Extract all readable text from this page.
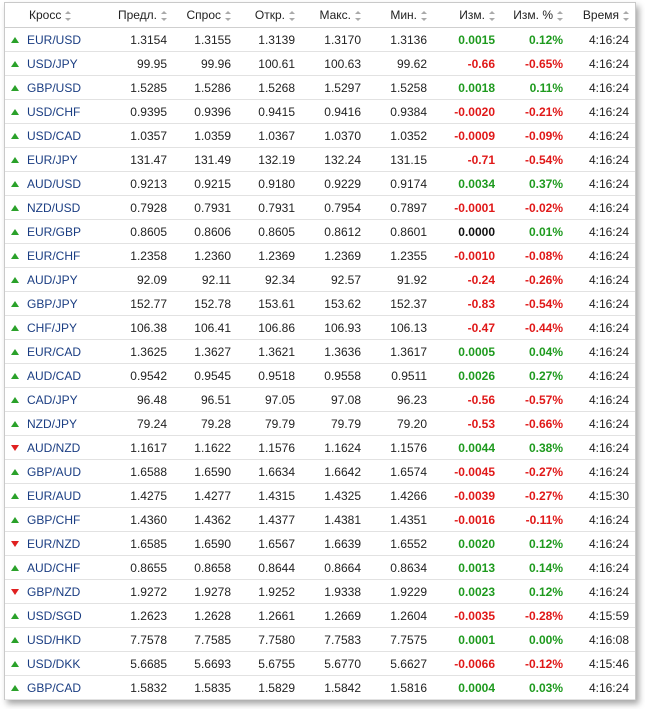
Кросс	Предл.	Спрос	Откр.	Макс.	Мин.	Изм.	Изм. %	Время
EUR/USD	1.3154	1.3155	1.3139	1.3170	1.3136	0.0015	0.12%	4:16:24
USD/JPY	99.95	99.96	100.61	100.63	99.62	-0.66	-0.65%	4:16:24
GBP/USD	1.5285	1.5286	1.5268	1.5297	1.5258	0.0018	0.11%	4:16:24
USD/CHF	0.9395	0.9396	0.9415	0.9416	0.9384	-0.0020	-0.21%	4:16:24
USD/CAD	1.0357	1.0359	1.0367	1.0370	1.0352	-0.0009	-0.09%	4:16:24
EUR/JPY	131.47	131.49	132.19	132.24	131.15	-0.71	-0.54%	4:16:24
AUD/USD	0.9213	0.9215	0.9180	0.9229	0.9174	0.0034	0.37%	4:16:24
NZD/USD	0.7928	0.7931	0.7931	0.7954	0.7897	-0.0001	-0.02%	4:16:24
EUR/GBP	0.8605	0.8606	0.8605	0.8612	0.8601	0.0000	0.01%	4:16:24
EUR/CHF	1.2358	1.2360	1.2369	1.2369	1.2355	-0.0010	-0.08%	4:16:24
AUD/JPY	92.09	92.11	92.34	92.57	91.92	-0.24	-0.26%	4:16:24
GBP/JPY	152.77	152.78	153.61	153.62	152.37	-0.83	-0.54%	4:16:24
CHF/JPY	106.38	106.41	106.86	106.93	106.13	-0.47	-0.44%	4:16:24
EUR/CAD	1.3625	1.3627	1.3621	1.3636	1.3617	0.0005	0.04%	4:16:24
AUD/CAD	0.9542	0.9545	0.9518	0.9558	0.9511	0.0026	0.27%	4:16:24
CAD/JPY	96.48	96.51	97.05	97.08	96.23	-0.56	-0.57%	4:16:24
NZD/JPY	79.24	79.28	79.79	79.79	79.20	-0.53	-0.66%	4:16:24
AUD/NZD	1.1617	1.1622	1.1576	1.1624	1.1576	0.0044	0.38%	4:16:24
GBP/AUD	1.6588	1.6590	1.6634	1.6642	1.6574	-0.0045	-0.27%	4:16:24
EUR/AUD	1.4275	1.4277	1.4315	1.4325	1.4266	-0.0039	-0.27%	4:15:30
GBP/CHF	1.4360	1.4362	1.4377	1.4381	1.4351	-0.0016	-0.11%	4:16:24
EUR/NZD	1.6585	1.6590	1.6567	1.6639	1.6552	0.0020	0.12%	4:16:24
AUD/CHF	0.8655	0.8658	0.8644	0.8664	0.8634	0.0013	0.14%	4:16:24
GBP/NZD	1.9272	1.9278	1.9252	1.9338	1.9229	0.0023	0.12%	4:16:24
USD/SGD	1.2623	1.2628	1.2661	1.2669	1.2604	-0.0035	-0.28%	4:15:59
USD/HKD	7.7578	7.7585	7.7580	7.7583	7.7575	0.0001	0.00%	4:16:08
USD/DKK	5.6685	5.6693	5.6755	5.6770	5.6627	-0.0066	-0.12%	4:15:46
GBP/CAD	1.5832	1.5835	1.5829	1.5842	1.5816	0.0004	0.03%	4:16:24
